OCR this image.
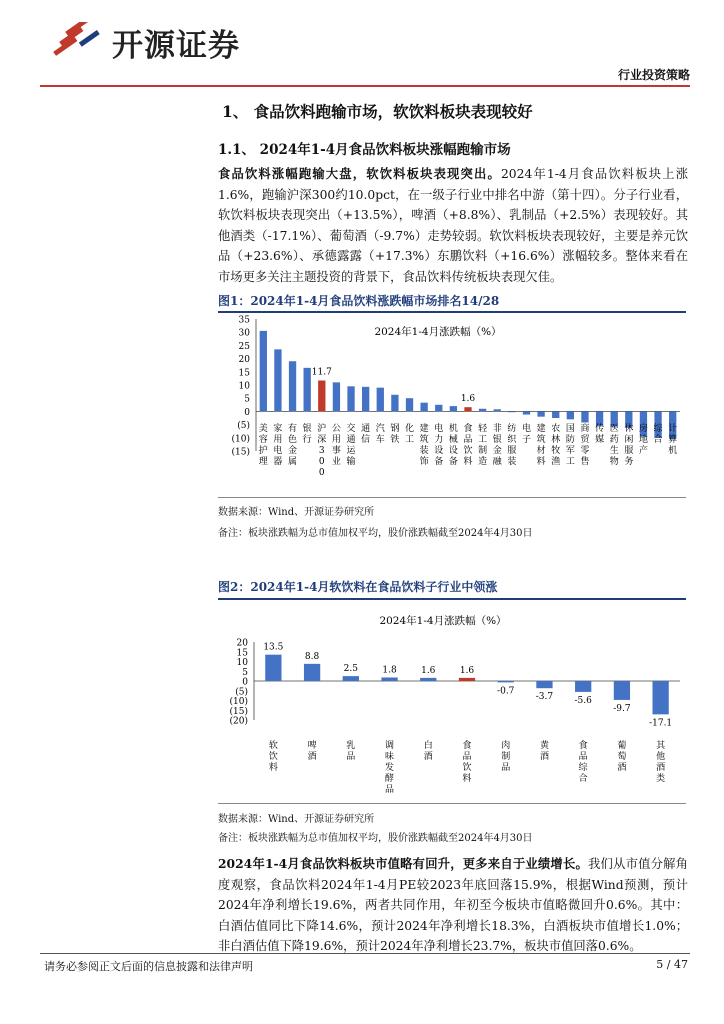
开源证券
行业投资策略
1、 食品饮料跑输市场，软饮料板块表现较好
1.1、 2024年1-4月食品饮料板块涨幅跑输市场
食品饮料涨幅跑输大盘，软饮料板块表现突出。2024年1-4月食品饮料板块上涨1.6%，跑输沪深300约10.0pct，在一级子行业中排名中游（第十四）。分子行业看，软饮料板块表现突出（+13.5%），啤酒（+8.8%）、乳制品（+2.5%）表现较好。其他酒类（-17.1%）、葡萄酒（-9.7%）走势较弱。软饮料板块表现较好，主要是养元饮品（+23.6%）、承德露露（+17.3%）东鹏饮料（+16.6%）涨幅较多。整体来看在市场更多关注主题投资的背景下，食品饮料传统板块表现欠佳。
图1：2024年1-4月食品饮料涨跌幅市场排名14/28
35
30
25
20
15
10
5
0
(5)
(10)
(15)
2024年1-4月涨跌幅（%）
美容护理
家用电器
有色金属
银行
11.7
沪深 3 0 0
公用事业
交通运输
通信
汽车
钢铁
化工
建筑装饰
电力设备
机械设备
1.6
食品饮料
轻工制造
非银金融
纺织服装
电子
建筑材料
农林牧渔
国防军工
商贸零售
传媒
医药生物
休闲服务
房地产
综合
计算机
数据来源：Wind、开源证券研究所
备注：板块涨跌幅为总市值加权平均，股价涨跌幅截至2024年4月30日
图2：2024年1-4月软饮料在食品饮料子行业中领涨
2024年1-4月涨跌幅（%）
20
15
10
5
0
(5)
(10)
(15)
(20)
13.5
软饮料
8.8
啤酒
2.5
乳品
1.8
调味发酵品
1.6
白酒
1.6
食品饮料
-0.7
肉制品
-3.7
黄酒
-5.6
食品综合
-9.7
葡萄酒
-17.1
其他酒类
数据来源：Wind、开源证券研究所
备注：板块涨跌幅为总市值加权平均，股价涨跌幅截至2024年4月30日
2024年1-4月食品饮料板块市值略有回升，更多来自于业绩增长。我们从市值分解角度观察，食品饮料2024年1-4月PE较2023年底回落15.9%，根据Wind预测，预计2024年净利增长19.6%，两者共同作用，年初至今板块市值略微回升0.6%。其中：白酒估值同比下降14.6%，预计2024年净利增长18.3%，白酒板块市值增长1.0%；非白酒估值下降19.6%，预计2024年净利增长23.7%，板块市值回落0.6%。
请务必参阅正文后面的信息披露和法律声明	5 / 47
